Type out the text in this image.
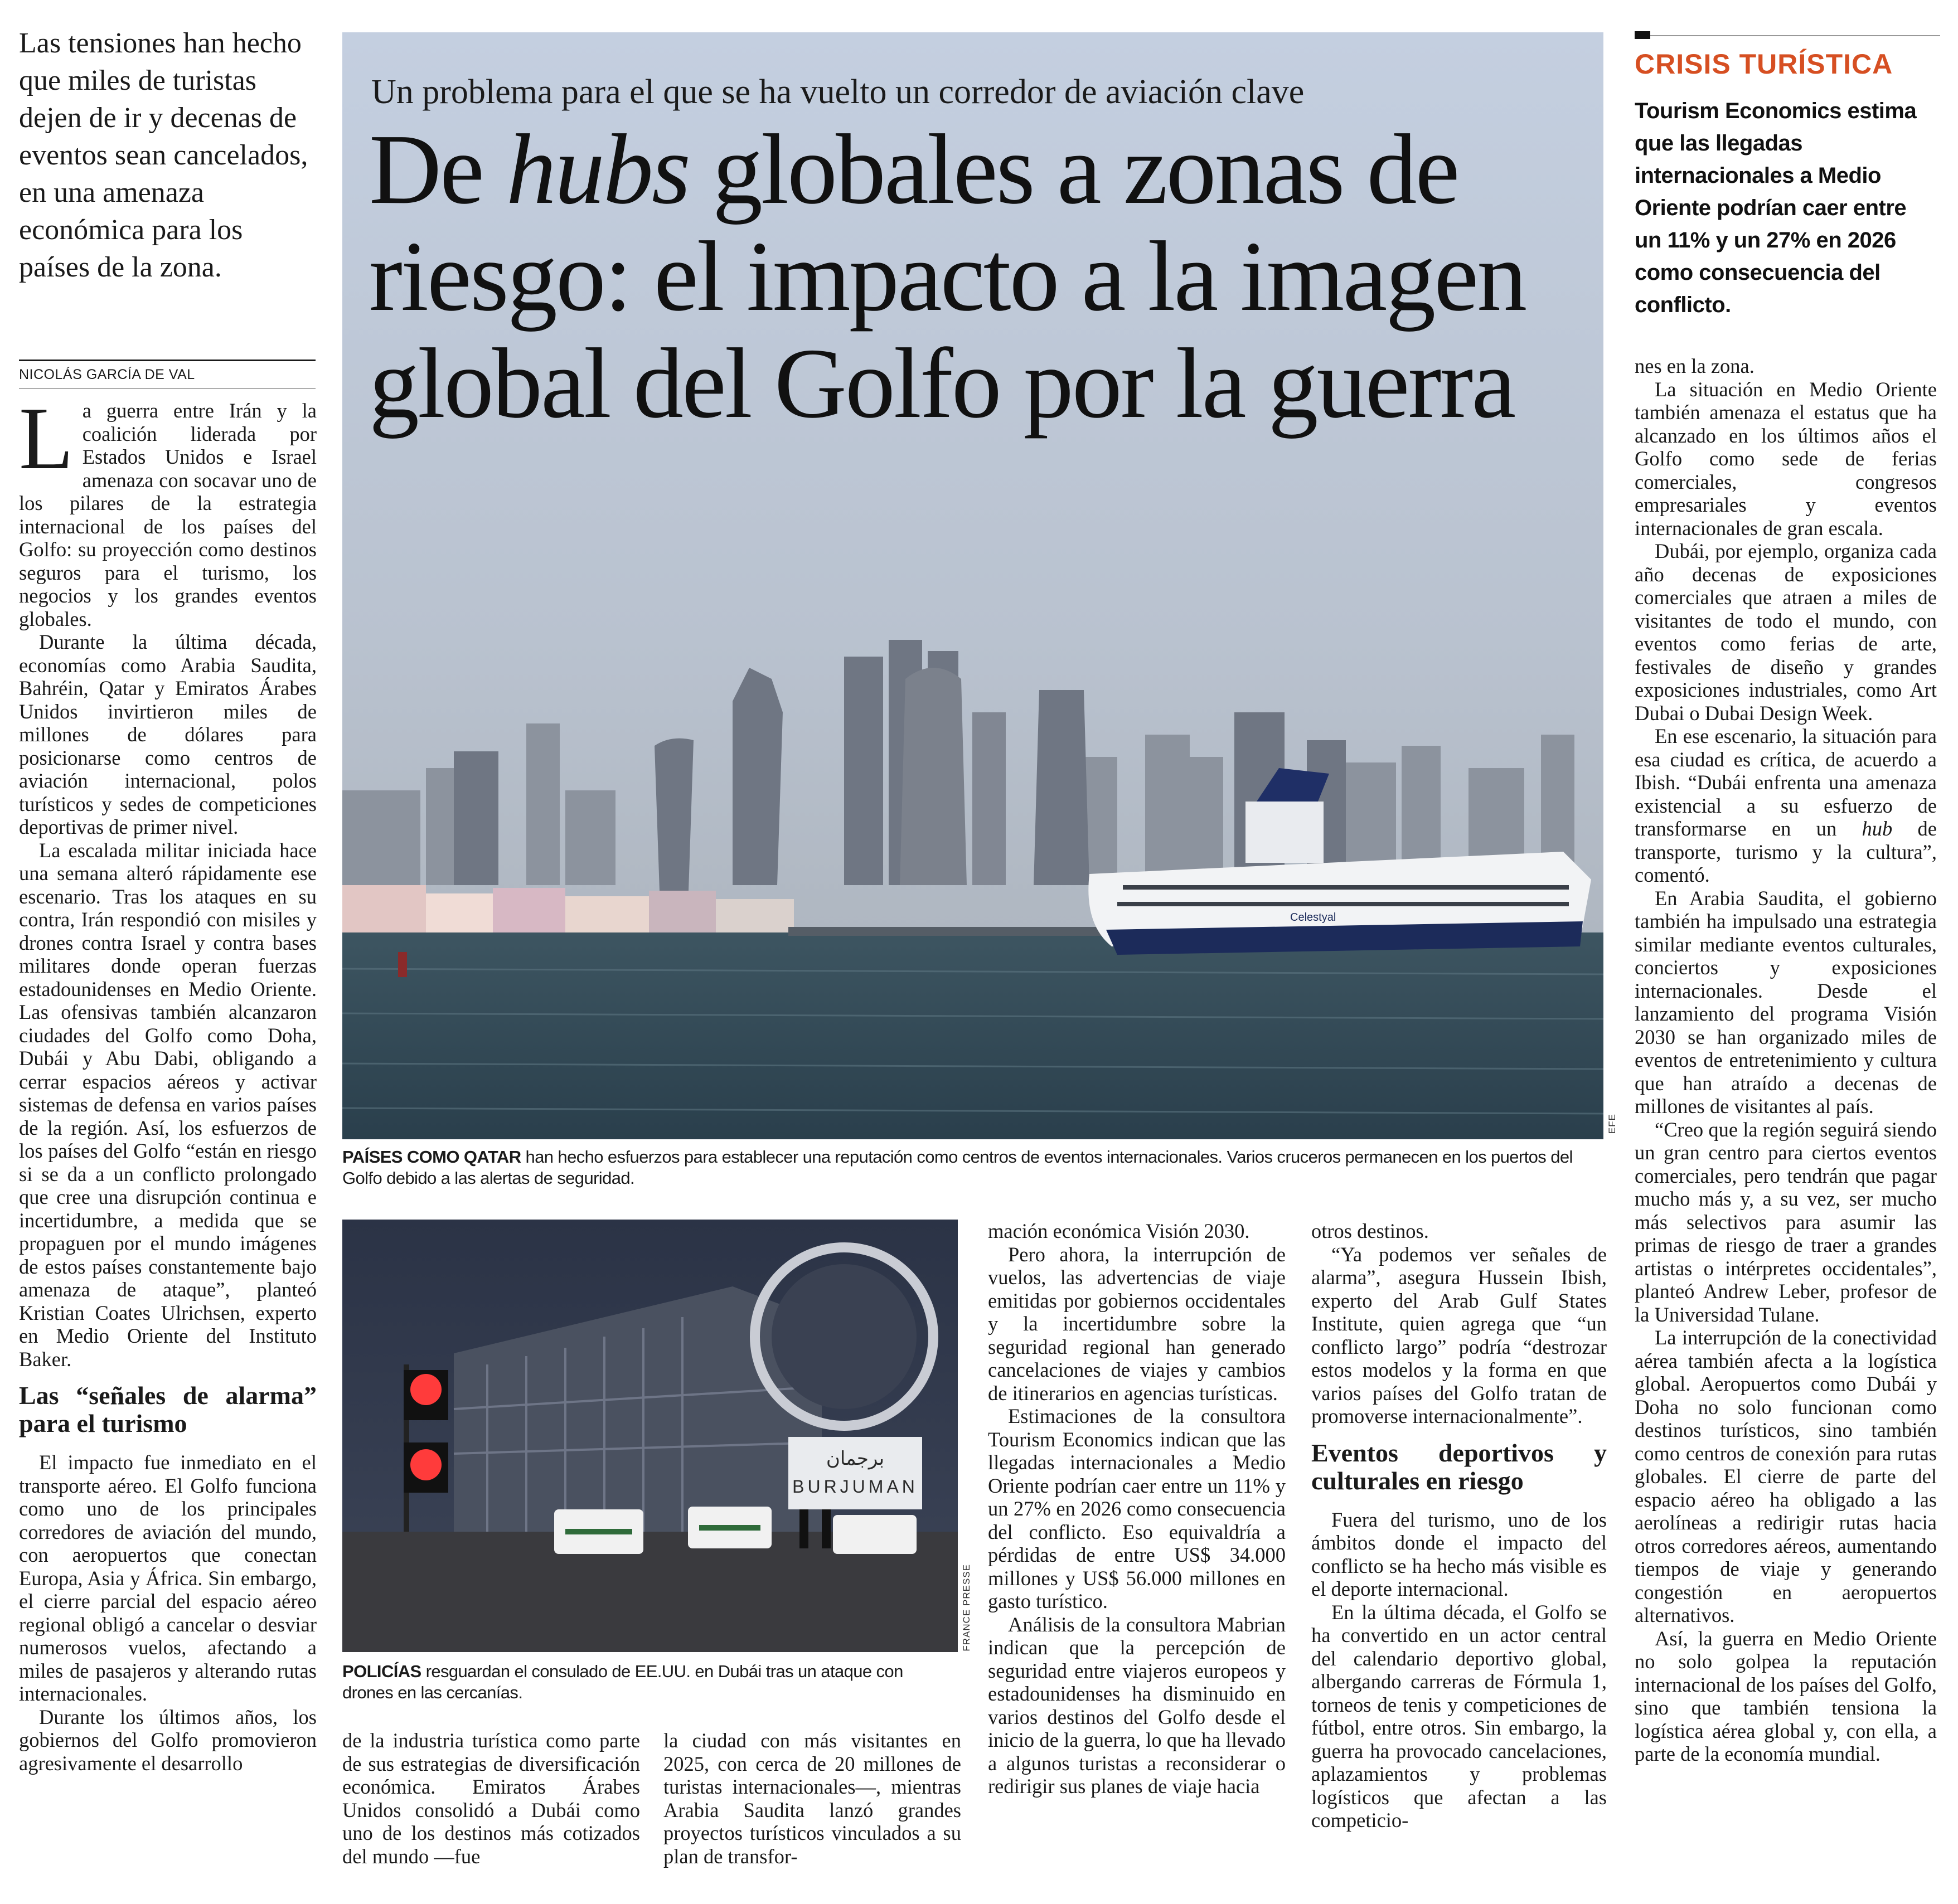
Las tensiones han hecho que miles de turistas dejen de ir y decenas de eventos sean cancelados, en una amenaza económica para los países de la zona.
NICOLÁS GARCÍA DE VAL

La guerra entre Irán y la coalición liderada por Estados Unidos e Israel amenaza con socavar uno de los pilares de la estrategia internacional de los países del Golfo: su proyección como destinos seguros para el turismo, los negocios y los grandes eventos globales.

Durante la última década, economías como Arabia Saudita, Bahréin, Qatar y Emiratos Árabes Unidos invirtieron miles de millones de dólares para posicionarse como centros de aviación internacional, polos turísticos y sedes de competiciones deportivas de primer nivel.

La escalada militar iniciada hace una semana alteró rápidamente ese escenario. Tras los ataques en su contra, Irán respondió con misiles y drones contra Israel y contra bases militares donde operan fuerzas estadounidenses en Medio Oriente. Las ofensivas también alcanzaron ciudades del Golfo como Doha, Dubái y Abu Dabi, obligando a cerrar espacios aéreos y activar sistemas de defensa en varios países de la región. Así, los esfuerzos de los países del Golfo “están en riesgo si se da a un conflicto prolongado que cree una disrupción continua e incertidumbre, a medida que se propaguen por el mundo imágenes de estos países constantemente bajo amenaza de ataque”, planteó Kristian Coates Ulrichsen, experto en Medio Oriente del Instituto Baker.

Las “señales de alarma” para el turismo

El impacto fue inmediato en el transporte aéreo. El Golfo funciona como uno de los principales corredores de aviación del mundo, con aeropuertos que conectan Europa, Asia y África. Sin embargo, el cierre parcial del espacio aéreo regional obligó a cancelar o desviar numerosos vuelos, afectando a miles de pasajeros y alterando rutas internacionales.

Durante los últimos años, los gobiernos del Golfo promovieron agresivamente el desarrollo

Celestyal
Un problema para el que se ha vuelto un corredor de aviación clave
De hubs globales a zonas de riesgo: el impacto a la imagen global del Golfo por la guerra
EFE
PAÍSES COMO QATAR han hecho esfuerzos para establecer una reputación como centros de eventos internacionales. Varios cruceros permanecen en los puertos del Golfo debido a las alertas de seguridad.
برجمان
BURJUMAN
FRANCE PRESSE
POLICÍAS resguardan el consulado de EE.UU. en Dubái tras un ataque con drones en las cercanías.

de la industria turística como parte de sus estrategias de diversificación económica. Emiratos Árabes Unidos consolidó a Dubái como uno de los destinos más cotizados del mundo —fue

la ciudad con más visitantes en 2025, con cerca de 20 millones de turistas internacionales—, mientras Arabia Saudita lanzó grandes proyectos turísticos vinculados a su plan de transfor-

mación económica Visión 2030.

Pero ahora, la interrupción de vuelos, las advertencias de viaje emitidas por gobiernos occidentales y la incertidumbre sobre la seguridad regional han generado cancelaciones de viajes y cambios de itinerarios en agencias turísticas.

Estimaciones de la consultora Tourism Economics indican que las llegadas internacionales a Medio Oriente podrían caer entre un 11% y un 27% en 2026 como consecuencia del conflicto. Eso equivaldría a pérdidas de entre US$ 34.000 millones y US$ 56.000 millones en gasto turístico.

Análisis de la consultora Mabrian indican que la percepción de seguridad entre viajeros europeos y estadounidenses ha disminuido en varios destinos del Golfo desde el inicio de la guerra, lo que ha llevado a algunos turistas a reconsiderar o redirigir sus planes de viaje hacia

otros destinos.

“Ya podemos ver señales de alarma”, asegura Hussein Ibish, experto del Arab Gulf States Institute, quien agrega que “un conflicto largo” podría “destrozar estos modelos y la forma en que varios países del Golfo tratan de promoverse internacionalmente”.

Eventos deportivos y culturales en riesgo

Fuera del turismo, uno de los ámbitos donde el impacto del conflicto se ha hecho más visible es el deporte internacional.

En la última década, el Golfo se ha convertido en un actor central del calendario deportivo global, albergando carreras de Fórmula 1, torneos de tenis y competiciones de fútbol, entre otros. Sin embargo, la guerra ha provocado cancelaciones, aplazamientos y problemas logísticos que afectan a las competicio-

CRISIS TURÍSTICA
Tourism Economics estima que las llegadas internacionales a Medio Oriente podrían caer entre un 11% y un 27% en 2026 como consecuencia del conflicto.

nes en la zona.

La situación en Medio Oriente también amenaza el estatus que ha alcanzado en los últimos años el Golfo como sede de ferias comerciales, congresos empresariales y eventos internacionales de gran escala.

Dubái, por ejemplo, organiza cada año decenas de exposiciones comerciales que atraen a miles de visitantes de todo el mundo, con eventos como ferias de arte, festivales de diseño y grandes exposiciones industriales, como Art Dubai o Dubai Design Week.

En ese escenario, la situación para esa ciudad es crítica, de acuerdo a Ibish. “Dubái enfrenta una amenaza existencial a su esfuerzo de transformarse en un hub de transporte, turismo y la cultura”, comentó.

En Arabia Saudita, el gobierno también ha impulsado una estrategia similar mediante eventos culturales, conciertos y exposiciones internacionales. Desde el lanzamiento del programa Visión 2030 se han organizado miles de eventos de entretenimiento y cultura que han atraído a decenas de millones de visitantes al país.

“Creo que la región seguirá siendo un gran centro para ciertos eventos comerciales, pero tendrán que pagar mucho más y, a su vez, ser mucho más selectivos para asumir las primas de riesgo de traer a grandes artistas o intérpretes occidentales”, planteó Andrew Leber, profesor de la Universidad Tulane.

La interrupción de la conectividad aérea también afecta a la logística global. Aeropuertos como Dubái y Doha no solo funcionan como destinos turísticos, sino también como centros de conexión para rutas globales. El cierre de parte del espacio aéreo ha obligado a las aerolíneas a redirigir rutas hacia otros corredores aéreos, aumentando tiempos de viaje y generando congestión en aeropuertos alternativos.

Así, la guerra en Medio Oriente no solo golpea la reputación internacional de los países del Golfo, sino que también tensiona la logística aérea global y, con ella, a parte de la economía mundial.
